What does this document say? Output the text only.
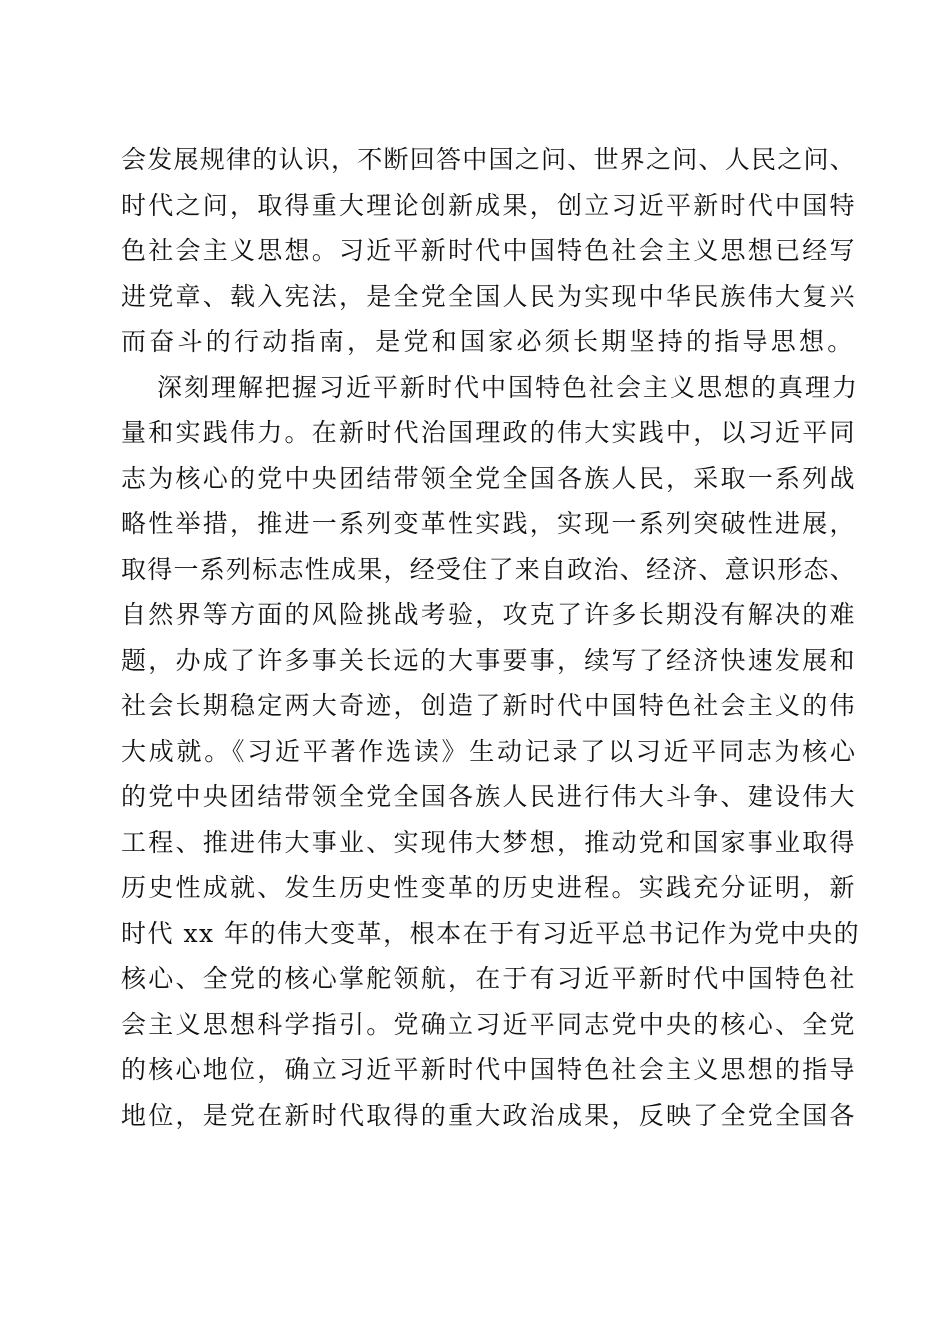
会发展规律的认识，不断回答中国之问、世界之问、人民之问、
时代之问，取得重大理论创新成果，创立习近平新时代中国特
色社会主义思想。习近平新时代中国特色社会主义思想已经写
进党章、载入宪法，是全党全国人民为实现中华民族伟大复兴
而奋斗的行动指南，是党和国家必须长期坚持的指导思想。
深刻理解把握习近平新时代中国特色社会主义思想的真理力
量和实践伟力。在新时代治国理政的伟大实践中，以习近平同
志为核心的党中央团结带领全党全国各族人民，采取一系列战
略性举措，推进一系列变革性实践，实现一系列突破性进展，
取得一系列标志性成果，经受住了来自政治、经济、意识形态、
自然界等方面的风险挑战考验，攻克了许多长期没有解决的难
题，办成了许多事关长远的大事要事，续写了经济快速发展和
社会长期稳定两大奇迹，创造了新时代中国特色社会主义的伟
大成就。《习近平著作选读》生动记录了以习近平同志为核心
的党中央团结带领全党全国各族人民进行伟大斗争、建设伟大
工程、推进伟大事业、实现伟大梦想，推动党和国家事业取得
历史性成就、发生历史性变革的历史进程。实践充分证明，新
时代 xx 年的伟大变革，根本在于有习近平总书记作为党中央的
核心、全党的核心掌舵领航，在于有习近平新时代中国特色社
会主义思想科学指引。党确立习近平同志党中央的核心、全党
的核心地位，确立习近平新时代中国特色社会主义思想的指导
地位，是党在新时代取得的重大政治成果，反映了全党全国各
